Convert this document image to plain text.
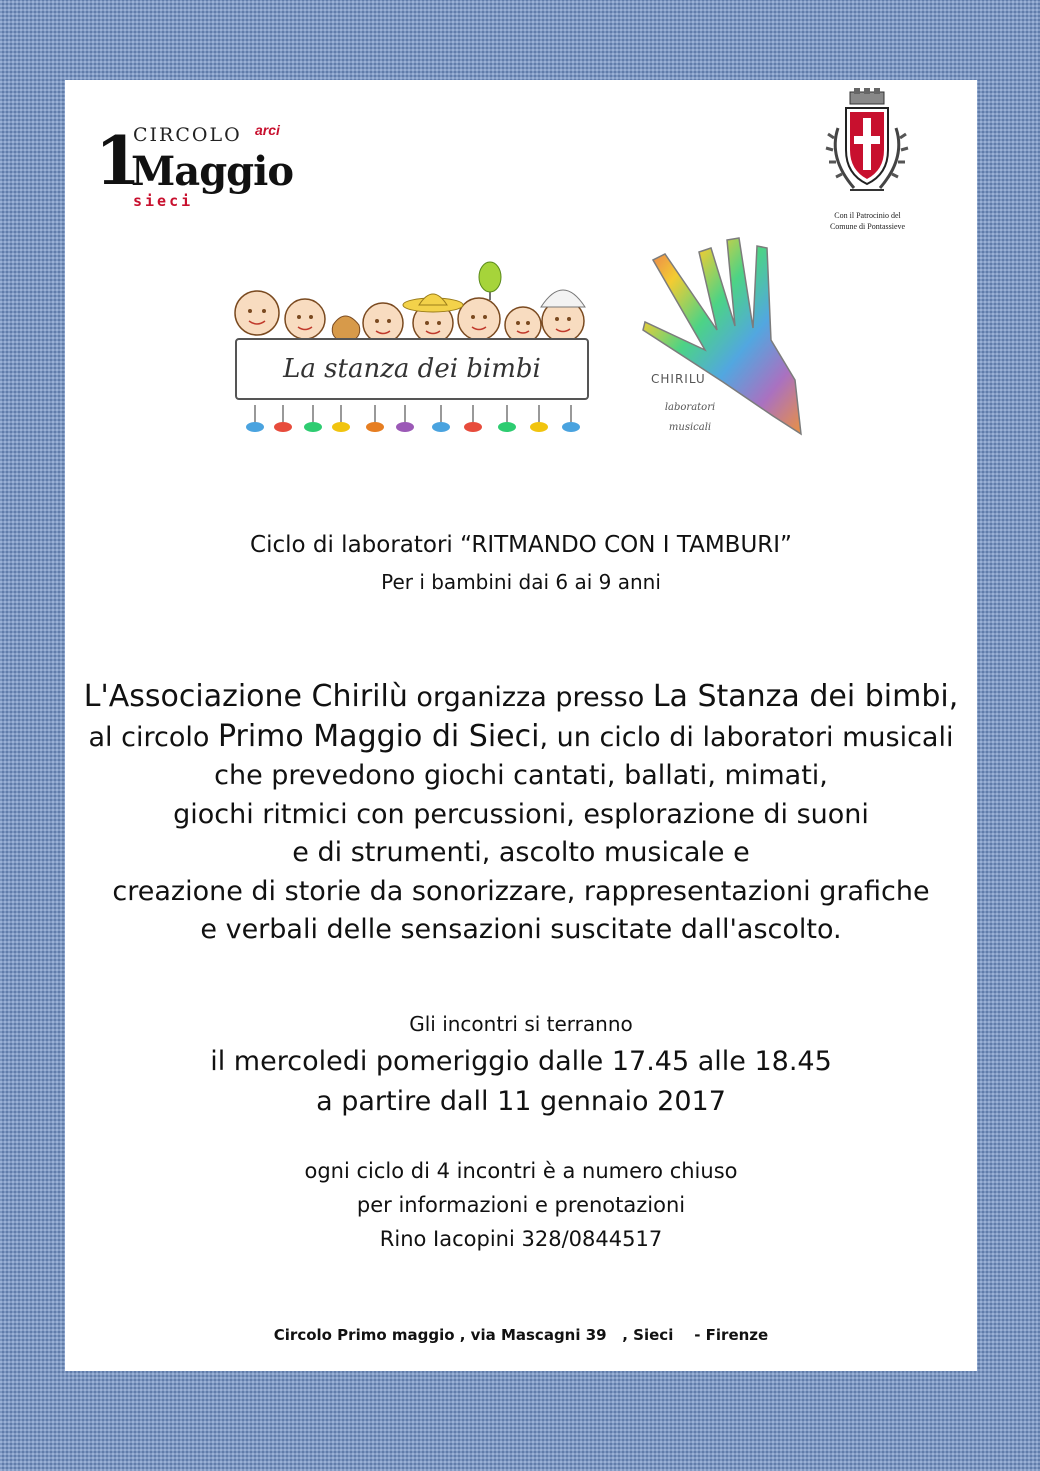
1
CIRCOLO arci
Maggio
sieci
Con il Patrocinio del
Comune di Pontassieve
La stanza dei bimbi	CHIRILU
laboratori
musicali
Ciclo di laboratori “RITMANDO CON I TAMBURI”
Per i bambini dai 6 ai 9 anni
L'Associazione Chirilù organizza presso La Stanza dei bimbi,
al circolo Primo Maggio di Sieci, un ciclo di laboratori musicali
che prevedono giochi cantati, ballati, mimati,
giochi ritmici con percussioni, esplorazione di suoni
e di strumenti, ascolto musicale e
creazione di storie da sonorizzare, rappresentazioni grafiche
e verbali delle sensazioni suscitate dall'ascolto.
Gli incontri si terranno
il mercoledi pomeriggio dalle 17.45 alle 18.45
a partire dall 11 gennaio 2017
ogni ciclo di 4 incontri è a numero chiuso
per informazioni e prenotazioni
Rino Iacopini 328/0844517
Circolo Primo maggio , via Mascagni 39   , Sieci    - Firenze
